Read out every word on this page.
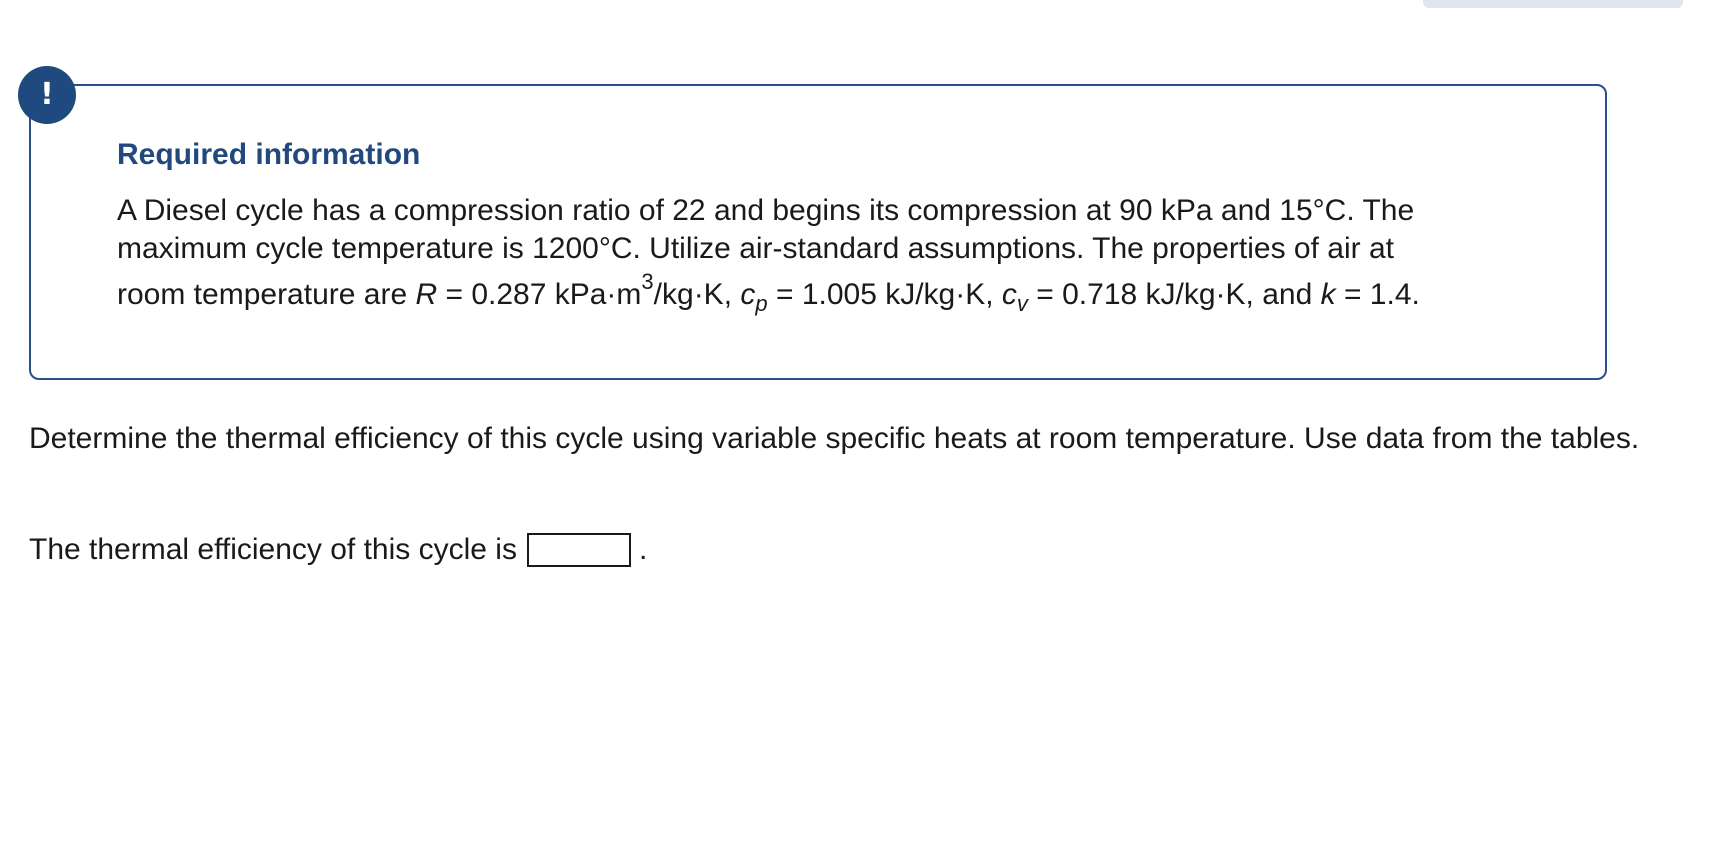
!
Required information

A Diesel cycle has a compression ratio of 22 and begins its compression at 90 kPa and 15°C. The
maximum cycle temperature is 1200°C. Utilize air-standard assumptions. The properties of air at
room temperature are R = 0.287 $kPa\cdot m^3/kg\cdot K$, $c_p = 1.005$ kJ/kg·K, $c_v = 0.718$ kJ/kg·K, and k = 1.4.

Determine the thermal efficiency of this cycle using variable specific heats at room temperature. Use data from the tables.

The thermal efficiency of this cycle is	.
